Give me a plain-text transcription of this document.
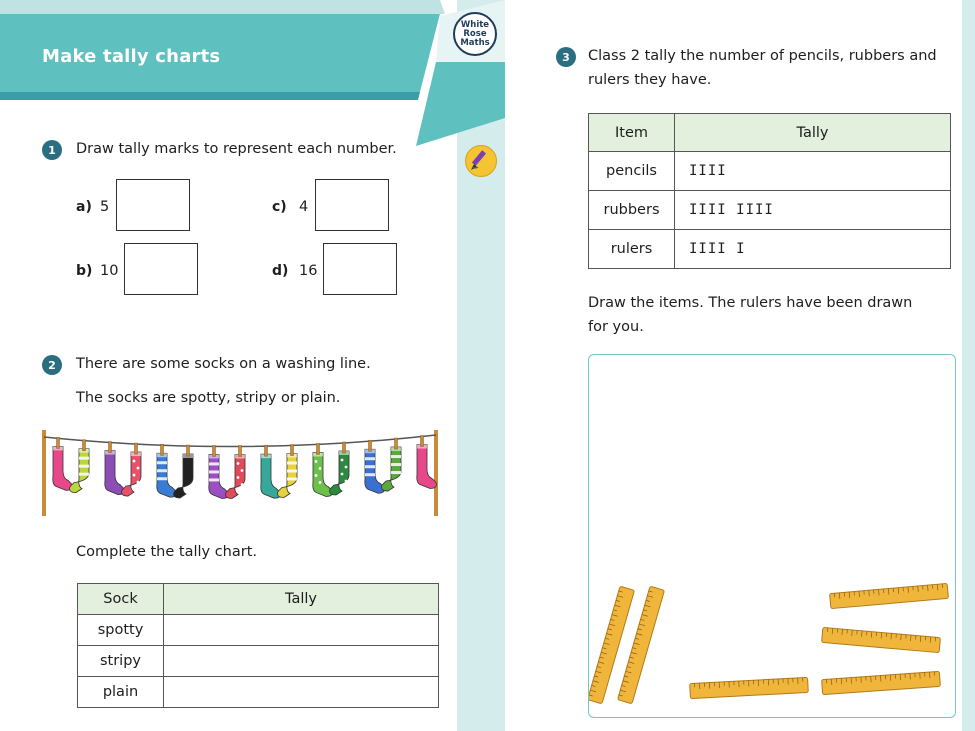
Make tally charts
White
Rose
Maths
1	Draw tally marks to represent each number.
a) 5
b) 10
c) 4
d) 16
2	There are some socks on a washing line.
The socks are spotty, stripy or plain.
Complete the tally chart.
Sock	Tally
spotty	
stripy	
plain	
3	Class 2 tally the number of pencils, rubbers and
rulers they have.
Item	Tally
pencils	IIII
rubbers	IIII IIII
rulers	IIII I
Draw the items. The rulers have been drawn
for you.
